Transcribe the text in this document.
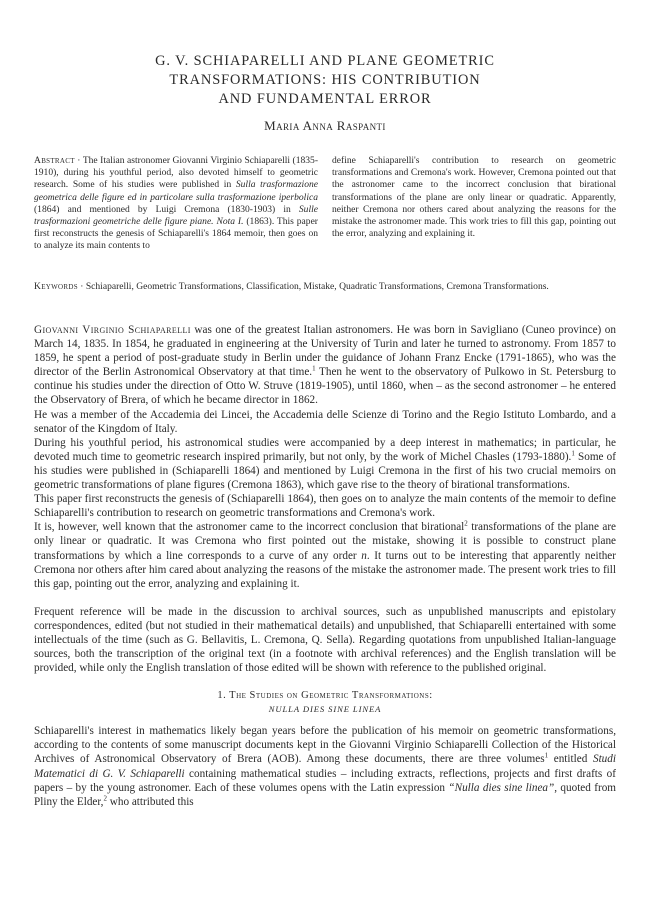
G. V. SCHIAPARELLI AND PLANE GEOMETRIC
TRANSFORMATIONS: HIS CONTRIBUTION
AND FUNDAMENTAL ERROR
Maria Anna Raspanti
Abstract · The Italian astronomer Giovanni Virginio Schiaparelli (1835-1910), during his youthful period, also devoted himself to geometric research. Some of his studies were published in Sulla trasformazione geometrica delle figure ed in particolare sulla trasformazione iperbolica (1864) and mentioned by Luigi Cremona (1830-1903) in Sulle trasformazioni geometriche delle figure piane. Nota I. (1863). This paper first reconstructs the genesis of Schiaparelli's 1864 memoir, then goes on to analyze its main contents to
define Schiaparelli's contribution to research on geometric transformations and Cremona's work. However, Cremona pointed out that the astronomer came to the incorrect conclusion that birational transformations of the plane are only linear or quadratic. Apparently, neither Cremona nor others cared about analyzing the reasons for the mistake the astronomer made. This work tries to fill this gap, pointing out the error, analyzing and explaining it.
Keywords · Schiaparelli, Geometric Transformations, Classification, Mistake, Quadratic Transformations, Cremona Transformations.

Giovanni Virginio Schiaparelli was one of the greatest Italian astronomers. He was born in Savigliano (Cuneo province) on March 14, 1835. In 1854, he graduated in engineering at the University of Turin and later he turned to astronomy. From 1857 to 1859, he spent a period of post-graduate study in Berlin under the guidance of Johann Franz Encke (1791-1865), who was the director of the Berlin Astronomical Observatory at that time.$^1$ Then he went to the observatory of Pulkowo in St. Petersburg to continue his studies under the direction of Otto W. Struve (1819-1905), until 1860, when – as the second astronomer – he entered the Observatory of Brera, of which he became director in 1862.

He was a member of the Accademia dei Lincei, the Accademia delle Scienze di Torino and the Regio Istituto Lombardo, and a senator of the Kingdom of Italy.

During his youthful period, his astronomical studies were accompanied by a deep interest in mathematics; in particular, he devoted much time to geometric research inspired primarily, but not only, by the work of Michel Chasles (1793-1880).$^1$ Some of his studies were published in (Schiaparelli 1864) and mentioned by Luigi Cremona in the first of his two crucial memoirs on geometric transformations of plane figures (Cremona 1863), which gave rise to the theory of birational transformations.

This paper first reconstructs the genesis of (Schiaparelli 1864), then goes on to analyze the main contents of the memoir to define Schiaparelli's contribution to research on geometric transformations and Cremona's work.

It is, however, well known that the astronomer came to the incorrect conclusion that birational$^2$ transformations of the plane are only linear or quadratic. It was Cremona who first pointed out the mistake, showing it is possible to construct plane transformations by which a line corresponds to a curve of any order n. It turns out to be interesting that apparently neither Cremona nor others after him cared about analyzing the reasons of the mistake the astronomer made. The present work tries to fill this gap, pointing out the error, analyzing and explaining it.

Frequent reference will be made in the discussion to archival sources, such as unpublished manuscripts and epistolary correspondences, edited (but not studied in their mathematical details) and unpublished, that Schiaparelli entertained with some intellectuals of the time (such as G. Bellavitis, L. Cremona, Q. Sella). Regarding quotations from unpublished Italian-language sources, both the transcription of the original text (in a footnote with archival references) and the English translation will be provided, while only the English translation of those edited will be shown with reference to the published original.

1. The Studies on Geometric Transformations:
NULLA DIES SINE LINEA

Schiaparelli's interest in mathematics likely began years before the publication of his memoir on geometric transformations, according to the contents of some manuscript documents kept in the Giovanni Virginio Schiaparelli Collection of the Historical Archives of Astronomical Observatory of Brera (AOB). Among these documents, there are three volumes$^1$ entitled Studi Matematici di G. V. Schiaparelli containing mathematical studies – including extracts, reflections, projects and first drafts of papers – by the young astronomer. Each of these volumes opens with the Latin expression “Nulla dies sine linea”, quoted from Pliny the Elder,$^2$ who attributed this
